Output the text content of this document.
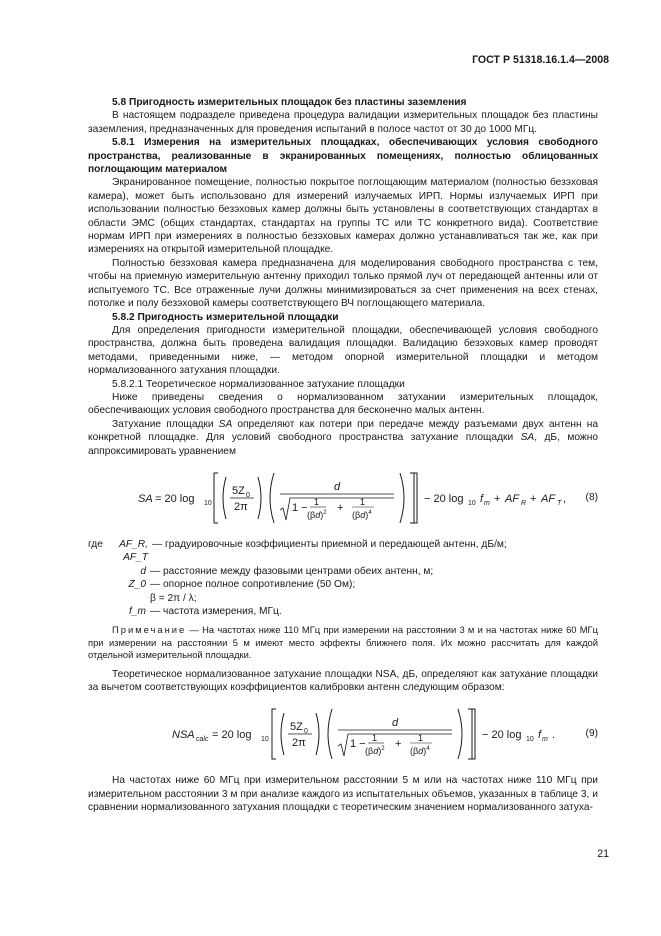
ГОСТ Р 51318.16.1.4—2008

5.8 Пригодность измерительных площадок без пластины заземления

В настоящем подразделе приведена процедура валидации измерительных площадок без пластины заземления, предназначенных для проведения испытаний в полосе частот от 30 до 1000 МГц.

5.8.1 Измерения на измерительных площадках, обеспечивающих условия свободного пространства, реализованные в экранированных помещениях, полностью облицованных поглощающим материалом

Экранированное помещение, полностью покрытое поглощающим материалом (полностью безэховая камера), может быть использовано для измерений излучаемых ИРП. Нормы излучаемых ИРП при использовании полностью безэховых камер должны быть установлены в соответствующих стандартах в области ЭМС (общих стандартах, стандартах на группы ТС или ТС конкретного вида). Соответствие нормам ИРП при измерениях в полностью безэховых камерах должно устанавливаться так же, как при измерениях на открытой измерительной площадке.

Полностью безэховая камера предназначена для моделирования свободного пространства с тем, чтобы на приемную измерительную антенну приходил только прямой луч от передающей антенны или от испытуемого ТС. Все отраженные лучи должны минимизироваться за счет применения на всех стенах, потолке и полу безэховой камеры соответствующего ВЧ поглощающего материала.

5.8.2 Пригодность измерительной площадки

Для определения пригодности измерительной площадки, обеспечивающей условия свободного пространства, должна быть проведена валидация площадки. Валидацию безэховых камер проводят методами, приведенными ниже, — методом опорной измерительной площадки и методом нормализованного затухания площадки.

5.8.2.1 Теоретическое нормализованное затухание площадки

Ниже приведены сведения о нормализованном затухании измерительных площадок, обеспечивающих условия свободного пространства для бесконечно малых антенн.

Затухание площадки SA определяют как потери при передаче между разъемами двух антенн на конкретной площадке. Для условий свободного пространства затухание площадки SA, дБ, можно аппроксимировать уравнением

SA = 20 log 10
5Z 0
2π
d
1 − 1
$(\beta d)^2 + 1$
$(\beta d)^4$
− 20 log 10 f m + AF R + AF T , (8)
где	AF_R, AF_T
— градуировочные коэффициенты приемной и передающей антенн, дБ/м;
d — расстояние между фазовыми центрами обеих антенн, м;
Z_0 — опорное полное сопротивление (50 Ом);
β = 2π / λ;
f_m — частота измерения, МГц.

Примечание — На частотах ниже 110 МГц при измерении на расстоянии 3 м и на частотах ниже 60 МГц при измерении на расстоянии 5 м имеют место эффекты ближнего поля. Их можно рассчитать для каждой отдельной измерительной площадки.

Теоретическое нормализованное затухание площадки NSA, дБ, определяют как затухание площадки за вычетом соответствующих коэффициентов калибровки антенн следующим образом:

NSA calc = 20 log 10
5Z 0
2π
d
1 − 1
$(\beta d)^2 + 1$
$(\beta d)^4$
− 20 log 10 f m .	(9)

На частотах ниже 60 МГц при измерительном расстоянии 5 м или на частотах ниже 110 МГц при измерительном расстоянии 3 м при анализе каждого из испытательных объемов, указанных в таблице 3, и сравнении нормализованного затухания площадки с теоретическим значением нормализованного затуха-

21
